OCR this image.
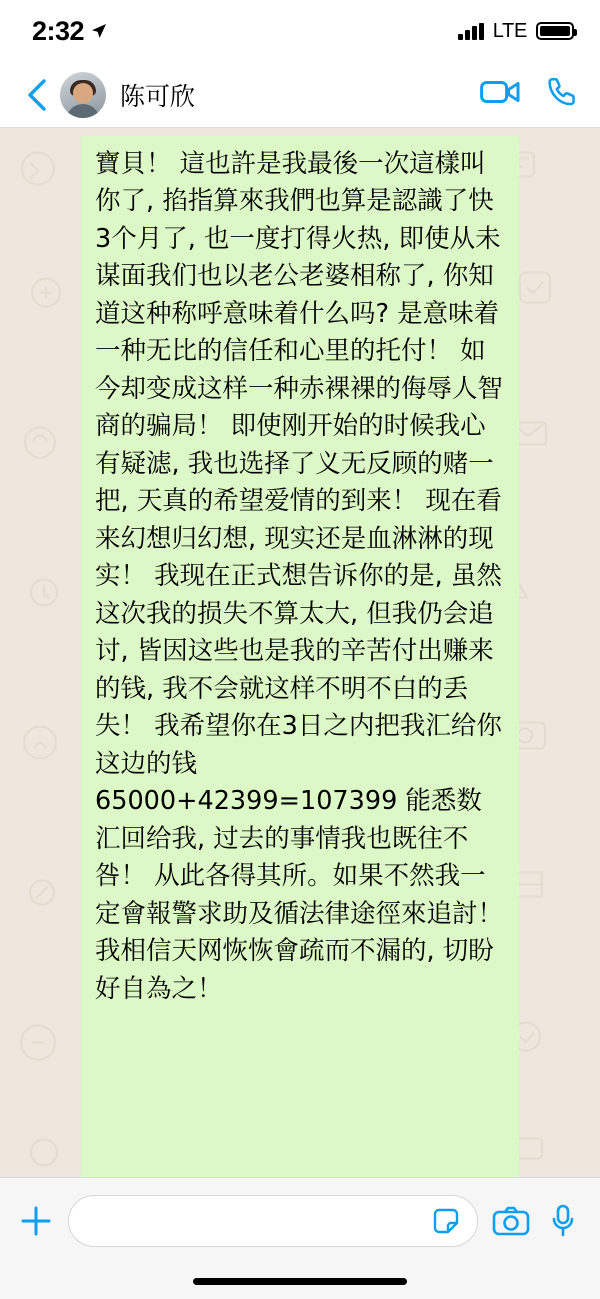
2:32	LTE
陈可欣
寶貝！ 這也許是我最後一次這樣叫你了, 掐指算來我們也算是認識了快3个月了, 也一度打得火热, 即使从未谋面我们也以老公老婆相称了, 你知道这种称呼意味着什么吗? 是意味着一种无比的信任和心里的托付！ 如今却变成这样一种赤裸裸的侮辱人智商的骗局！ 即使刚开始的时候我心有疑滤, 我也选择了义无反顾的赌一把, 天真的希望爱情的到来！ 现在看来幻想归幻想, 现实还是血淋淋的现实！ 我现在正式想告诉你的是, 虽然这次我的损失不算太大, 但我仍会追讨, 皆因这些也是我的辛苦付出赚来的钱, 我不会就这样不明不白的丢失！ 我希望你在3日之内把我汇给你这边的钱 65000+42399=107399 能悉数汇回给我, 过去的事情我也既往不咎！ 从此各得其所。如果不然我一定會報警求助及循法律途徑來追討！ 我相信天网恢恢會疏而不漏的, 切盼好自為之！
